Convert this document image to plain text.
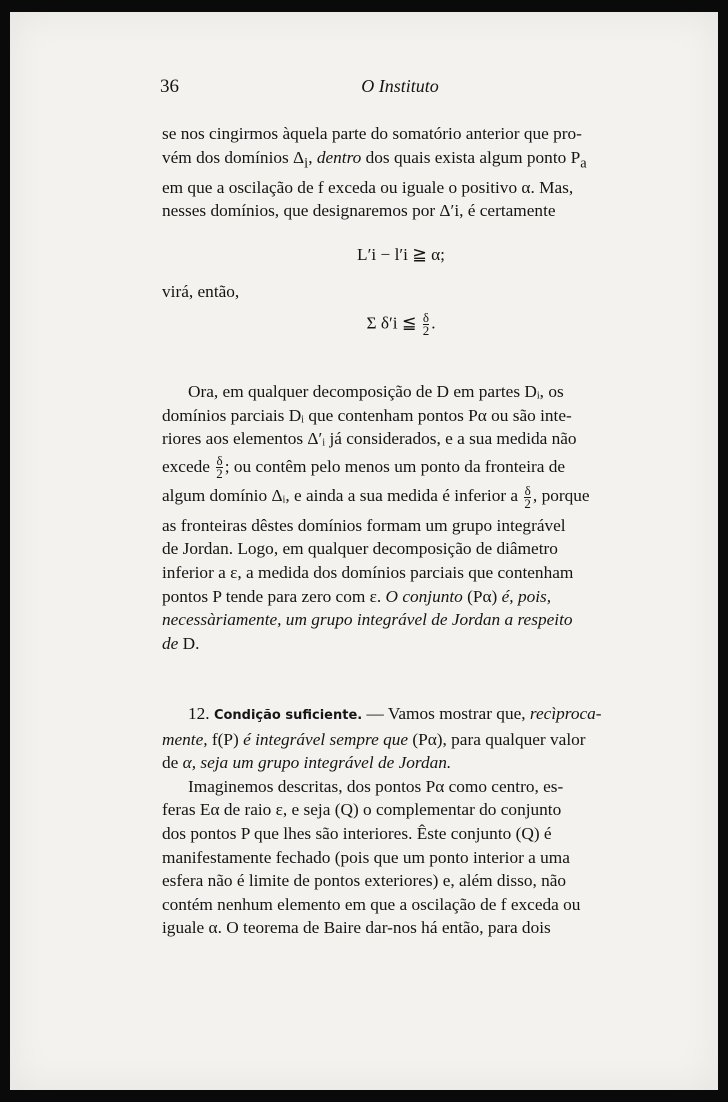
36	O Instituto
se nos cingirmos àquela parte do somatório anterior que pro-
vém dos domínios $\Delta_i$, dentro dos quais exista algum ponto $P_a$
em que a oscilação de f exceda ou iguale o positivo α. Mas,
nesses domínios, que designaremos por Δ′i, é certamente
L′i − l′i ≧ α;
virá, então,
Σ δ′i ≦ $\frac{\delta}{2}$ .
Ora, em qualquer decomposição de D em partes Dᵢ, os
domínios parciais Dᵢ que contenham pontos Pα ou são inte-
riores aos elementos Δ′ᵢ já considerados, e a sua medida não
excede $\frac{\delta}{2}$ ; ou contêm pelo menos um ponto da fronteira de
algum domínio Δᵢ, e ainda a sua medida é inferior a $\frac{\delta}{2}$ , porque
as fronteiras dêstes domínios formam um grupo integrável
de Jordan. Logo, em qualquer decomposição de diâmetro
inferior a ε, a medida dos domínios parciais que contenham
pontos P tende para zero com ε. O conjunto (Pα) é, pois,
necessàriamente, um grupo integrável de Jordan a respeito
de D.
12. Condição suficiente. — Vamos mostrar que, recìproca-
mente, f(P) é integrável sempre que (Pα), para qualquer valor
de α, seja um grupo integrável de Jordan.
Imaginemos descritas, dos pontos Pα como centro, es-
feras Eα de raio ε, e seja (Q) o complementar do conjunto
dos pontos P que lhes são interiores. Êste conjunto (Q) é
manifestamente fechado (pois que um ponto interior a uma
esfera não é limite de pontos exteriores) e, além disso, não
contém nenhum elemento em que a oscilação de f exceda ou
iguale α. O teorema de Baire dar-nos há então, para dois
